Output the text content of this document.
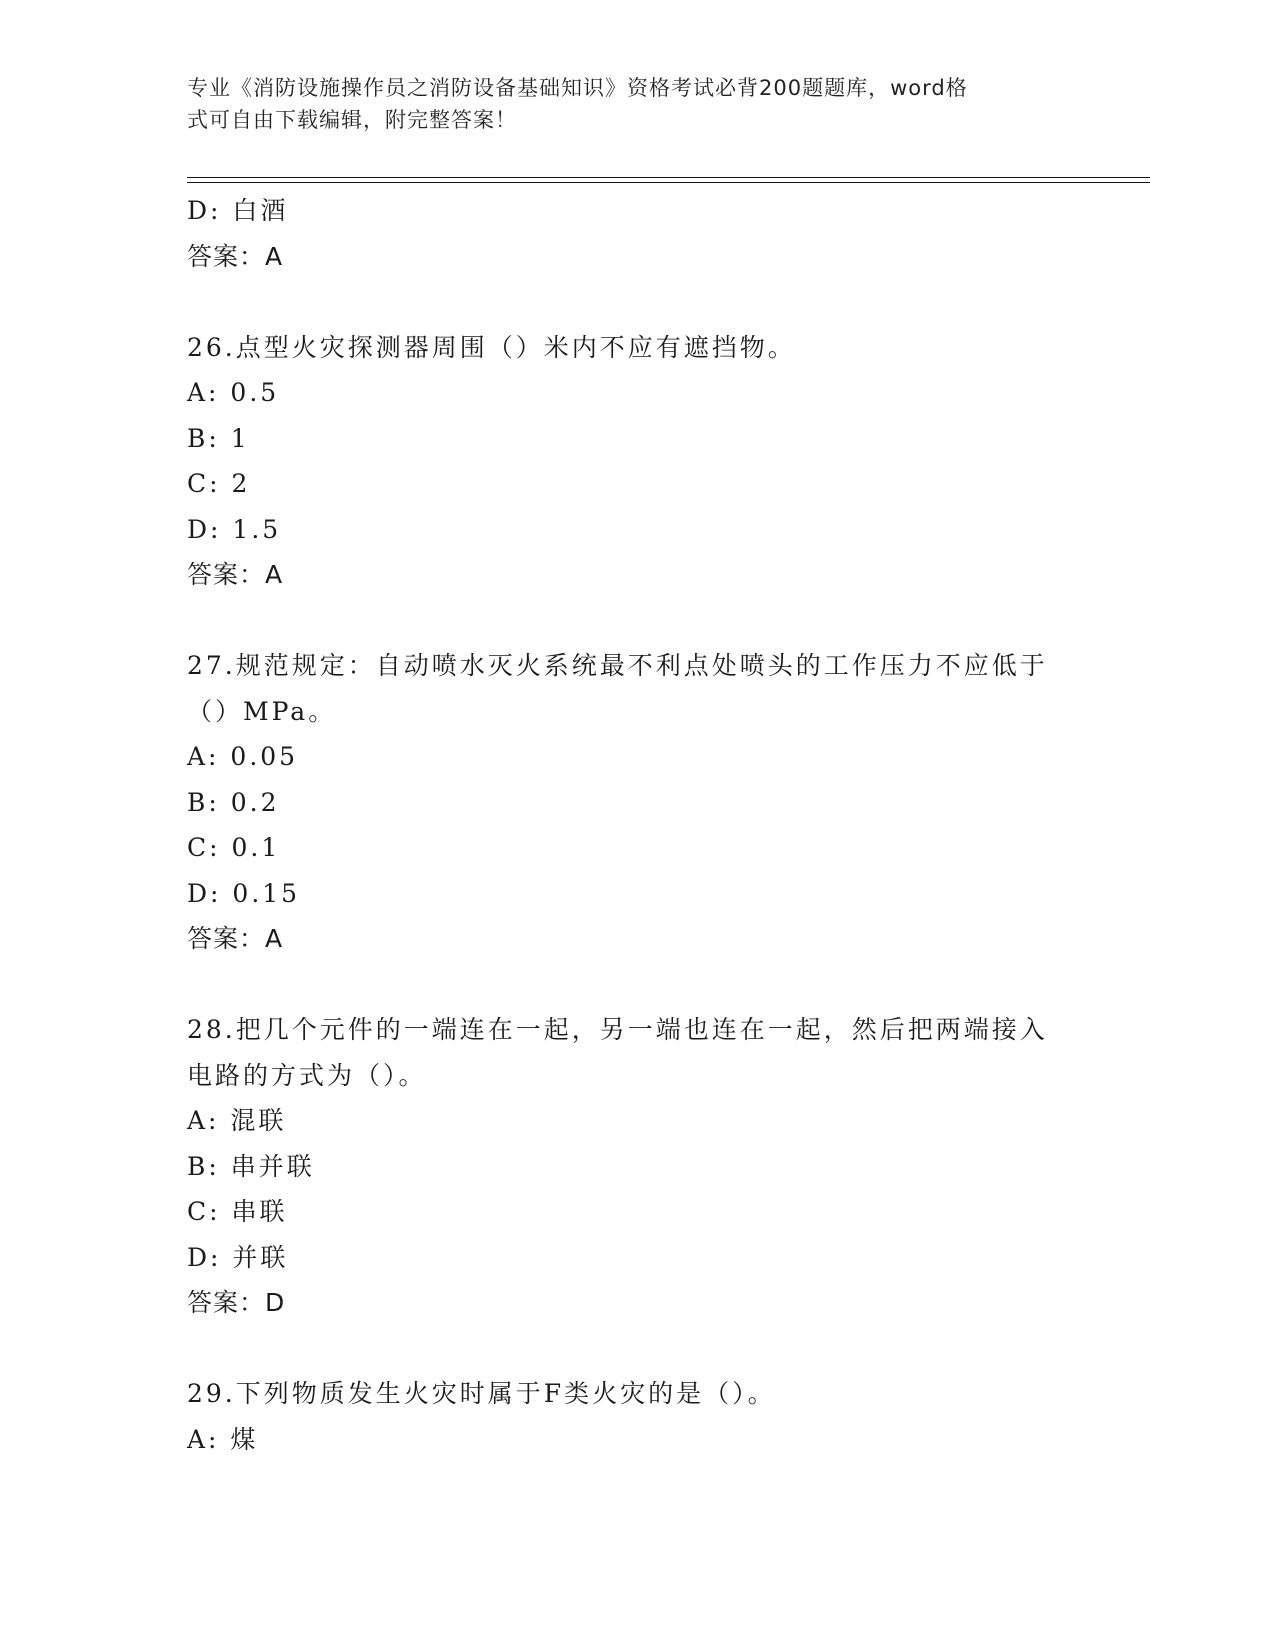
专业《消防设施操作员之消防设备基础知识》资格考试必背200题题库，word格
式可自由下载编辑，附完整答案！
D: 白酒
答案：A
26.点型火灾探测器周围（）米内不应有遮挡物。
A: 0.5
B: 1
C: 2
D: 1.5
答案：A
27.规范规定：自动喷水灭火系统最不利点处喷头的工作压力不应低于
（）MPa。
A: 0.05
B: 0.2
C: 0.1
D: 0.15
答案：A
28.把几个元件的一端连在一起，另一端也连在一起，然后把两端接入
电路的方式为（）。
A: 混联
B: 串并联
C: 串联
D: 并联
答案：D
29.下列物质发生火灾时属于F类火灾的是（）。
A: 煤
